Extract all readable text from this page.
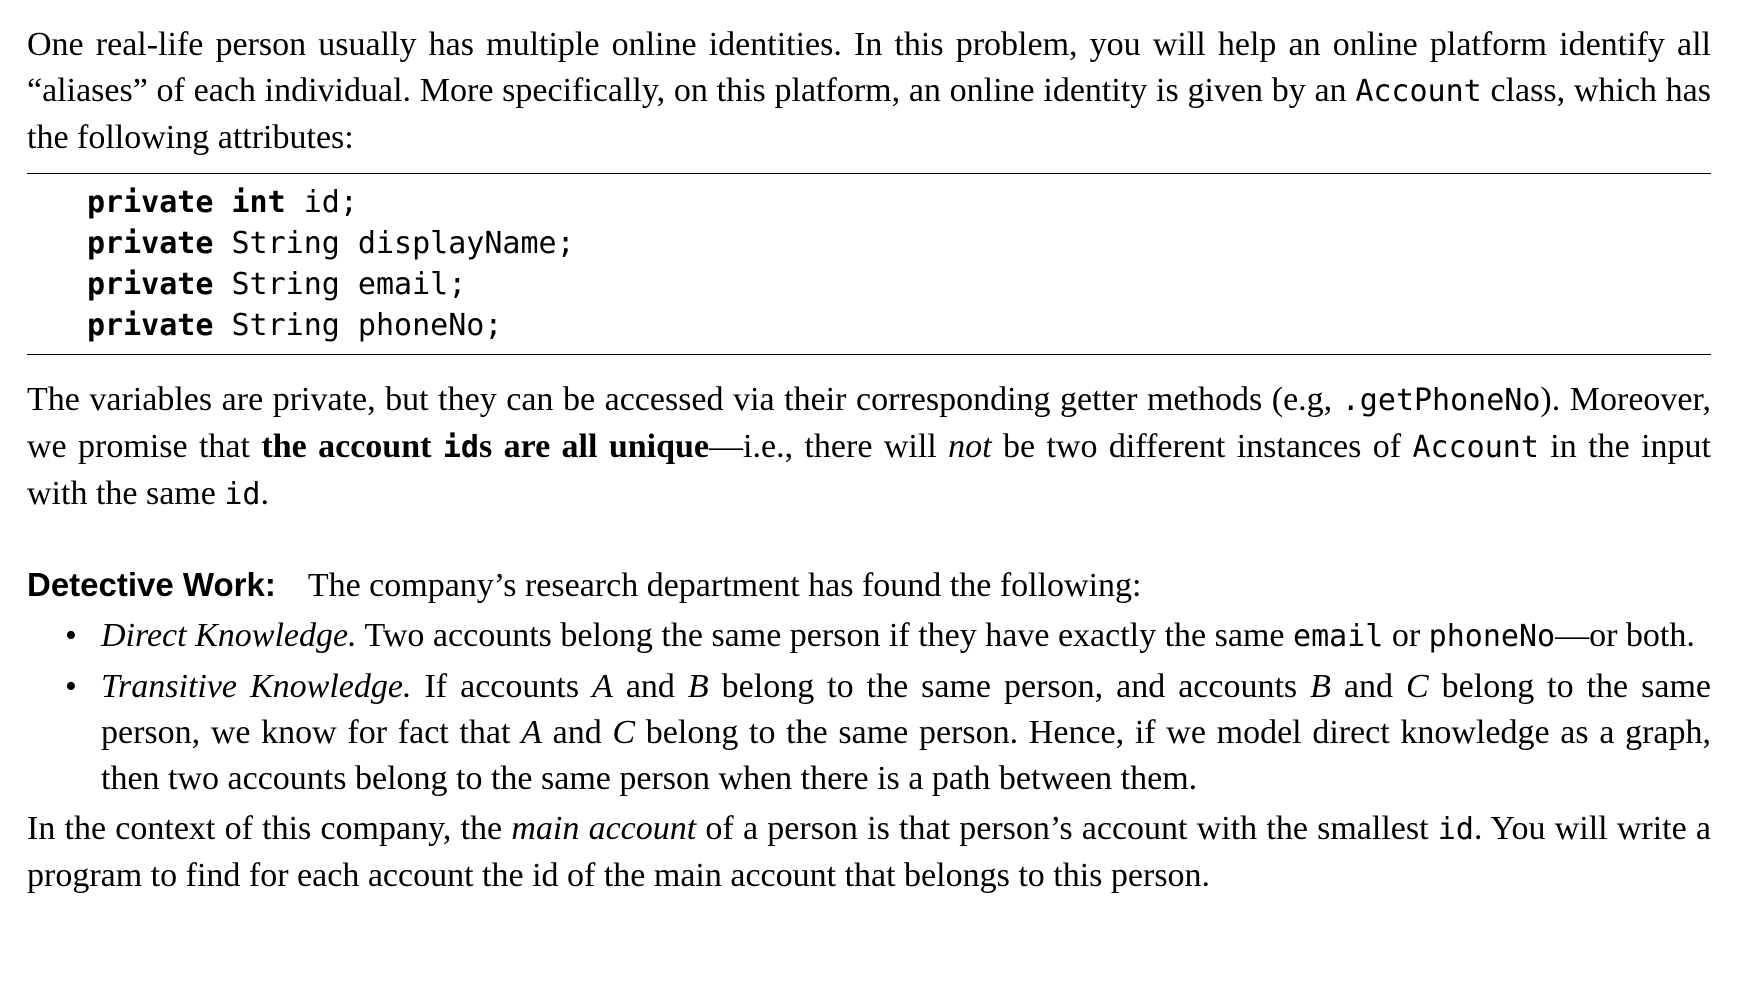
One real-life person usually has multiple online identities. In this problem, you will help an online platform identify all “aliases” of each individual. More specifically, on this platform, an online identity is given by an Account class, which has the following attributes:

private int id;
private String displayName;
private String email;
private String phoneNo;

The variables are private, but they can be accessed via their corresponding getter methods (e.g, .getPhoneNo). Moreover, we promise that the account ids are all unique—i.e., there will not be two different instances of Account in the input with the same id.

Detective Work: The company’s research department has found the following:

• Direct Knowledge. Two accounts belong the same person if they have exactly the same email or phoneNo—or both.
• Transitive Knowledge. If accounts A and B belong to the same person, and accounts B and C belong to the same person, we know for fact that A and C belong to the same person. Hence, if we model direct knowledge as a graph, then two accounts belong to the same person when there is a path between them.

In the context of this company, the main account of a person is that person’s account with the smallest id. You will write a program to find for each account the id of the main account that belongs to this person.
